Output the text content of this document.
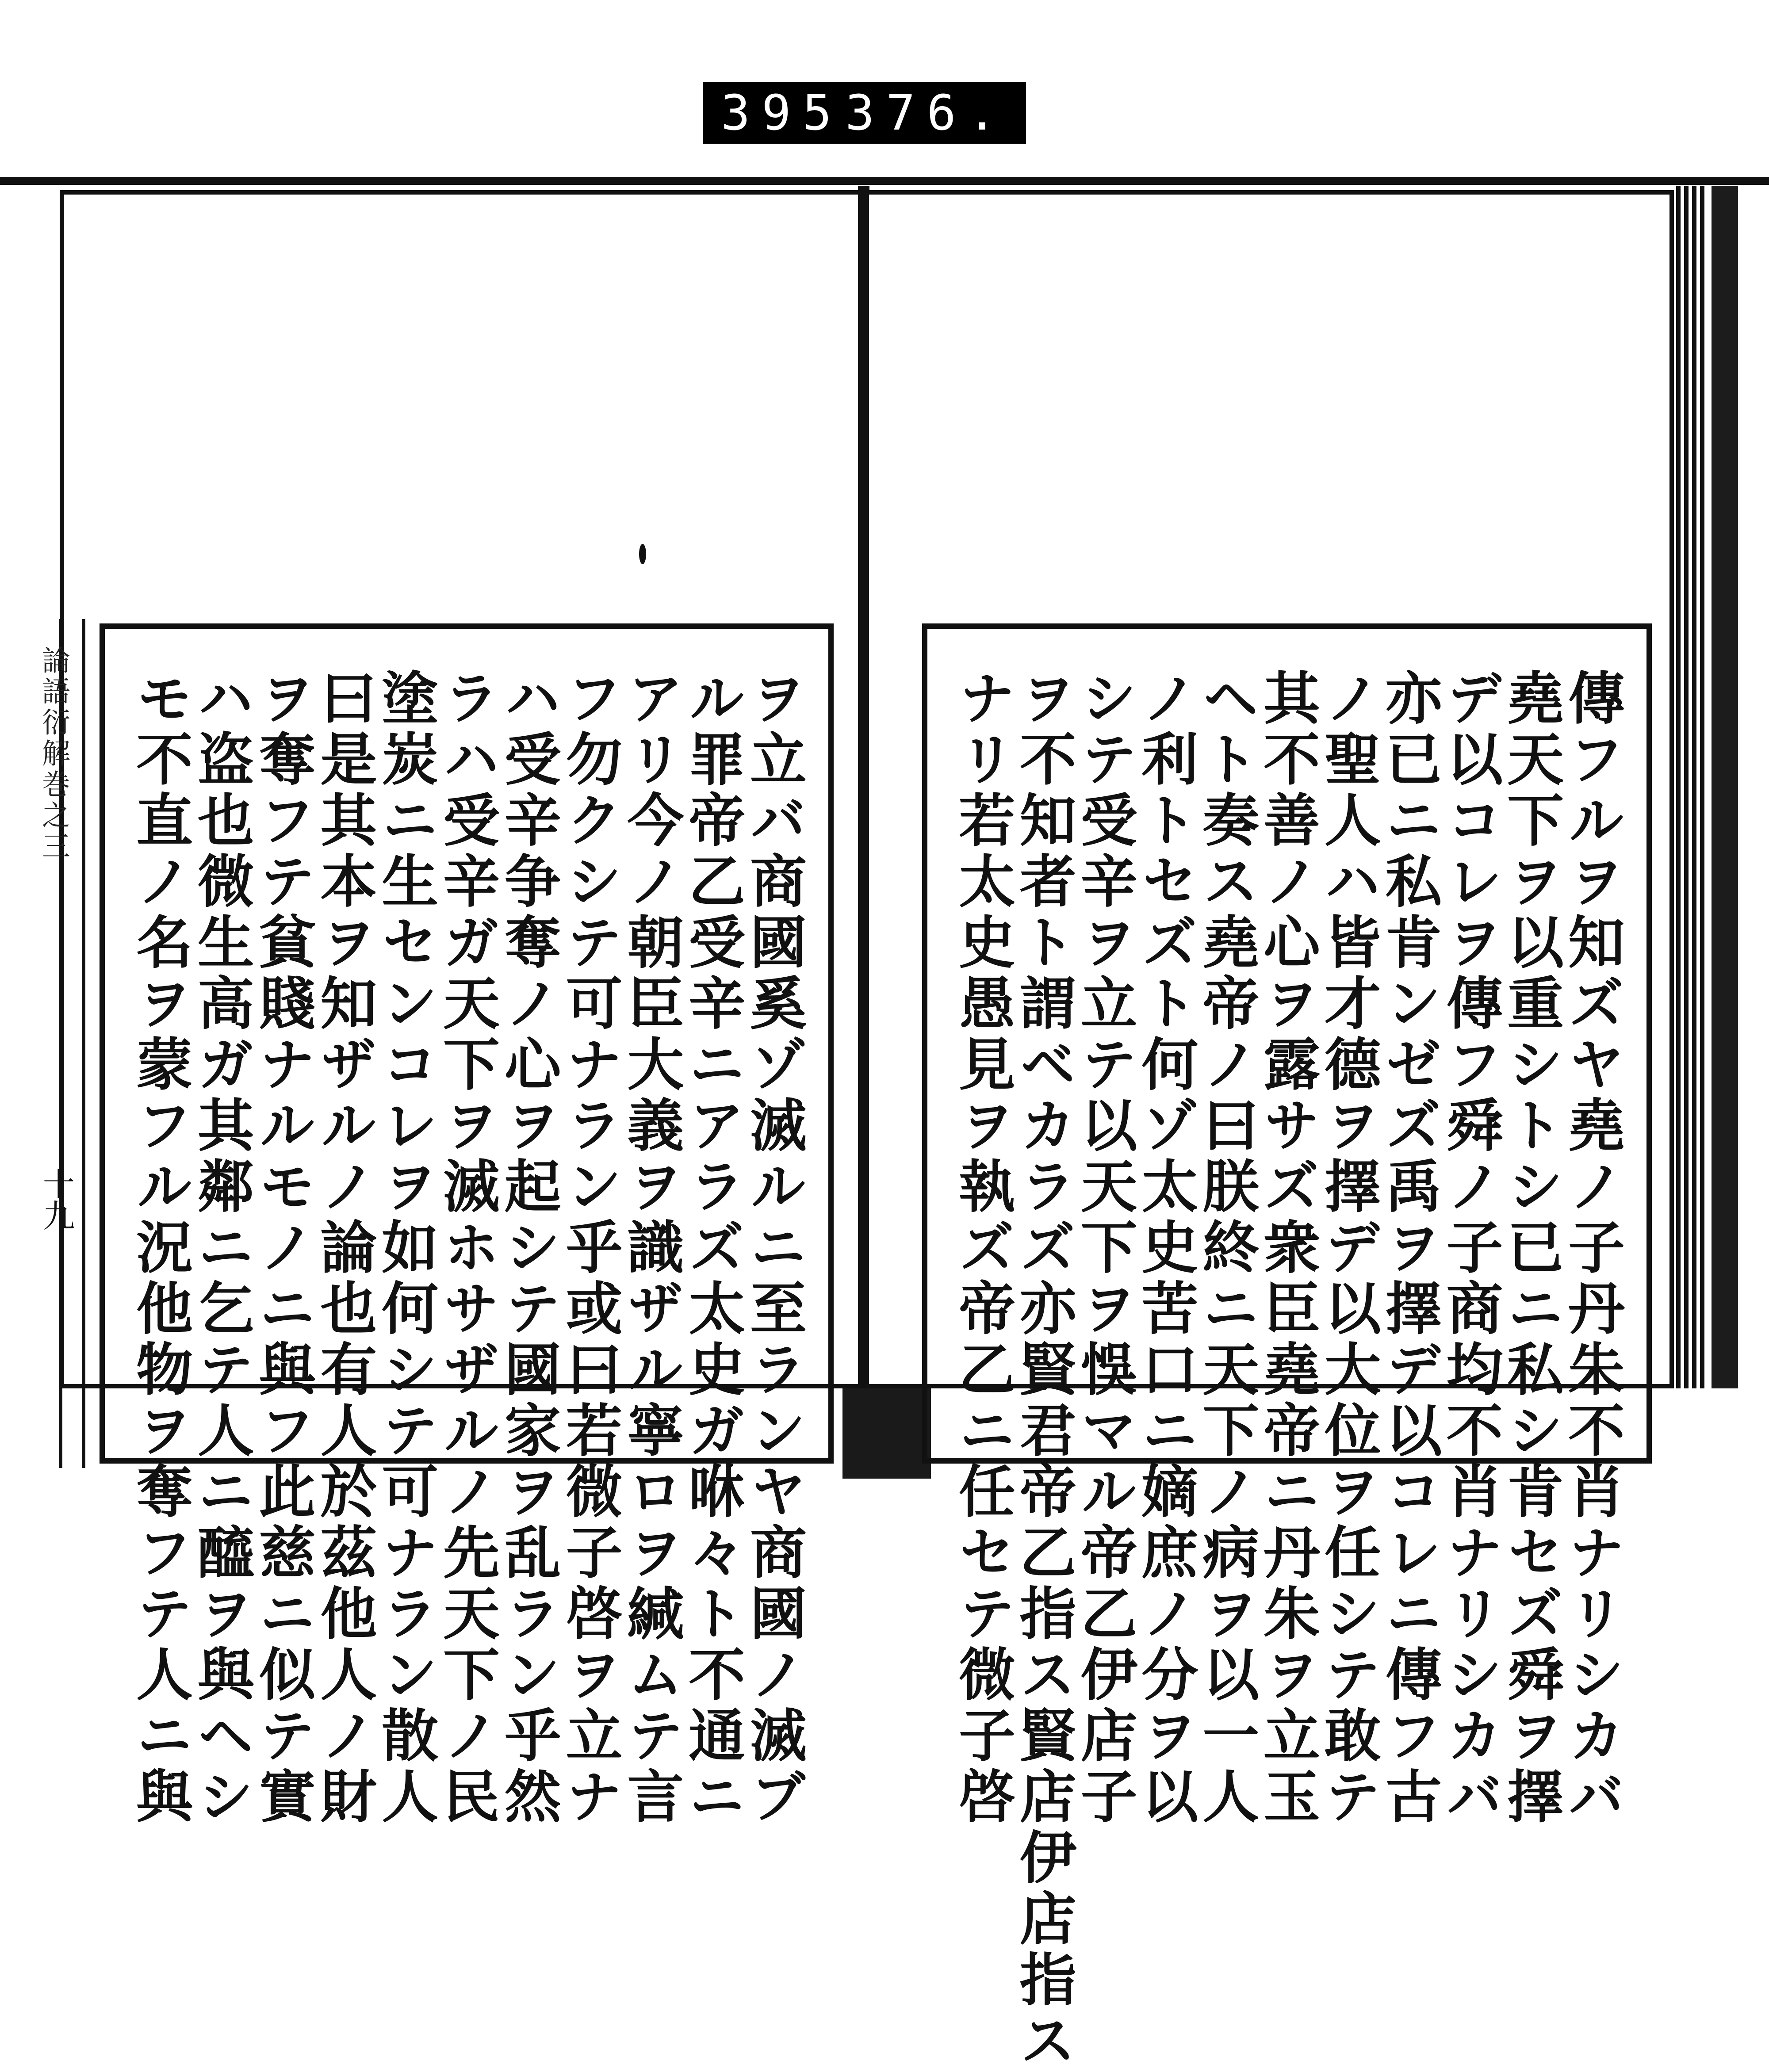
395 376.
論語衍解巻之三
十九	ヲ立バ商國奚ゾ滅ルニ至ランヤ商國ノ滅ブ
ル罪帝乙受辛ニアラズ太史ガ咻々ト不通ニ
アリ今ノ朝臣大義ヲ識ザル寧ロヲ緘ムテ言
フ勿クシテ可ナラン乎或曰若微子啓ヲ立ナ
ハ受辛争奪ノ心ヲ起シテ國家ヲ乱ラン乎然
ラハ受辛ガ天下ヲ滅ホサザルノ先天下ノ民
塗炭ニ生センコレヲ如何シテ可ナラン散人
曰是其本ヲ知ザルノ論也有人於茲他人ノ財
ヲ奪フテ貧賤ナルモノニ與フ此慈ニ似テ實
ハ盗也微生高ガ其鄰ニ乞テ人ニ醯ヲ與ヘシ
モ不直ノ名ヲ蒙フル況他物ヲ奪フテ人ニ與	傳フルヲ知ズヤ堯ノ子丹朱不肖ナリシカバ
堯天下ヲ以重シトシ已ニ私シ肯セズ舜ヲ擇
デ以コレヲ傳フ舜ノ子商均不肖ナリシカバ
亦已ニ私肯ンゼズ禹ヲ擇デ以コレニ傳フ古
ノ聖人ハ皆才德ヲ擇デ以大位ヲ任シテ敢テ
其不善ノ心ヲ露サズ衆臣堯帝ニ丹朱ヲ立玉
ヘト奏ス堯帝ノ曰朕終ニ天下ノ病ヲ以一人
ノ利トセズト何ゾ太史苦口ニ嫡庶ノ分ヲ以
シテ受辛ヲ立テ以天下ヲ悞マル帝乙伊店子
ヲ不知者ト謂ベカラズ亦賢君帝乙指ス賢店伊店指ス
ナリ若太史愚見ヲ執ズ帝乙ニ任セテ微子啓
